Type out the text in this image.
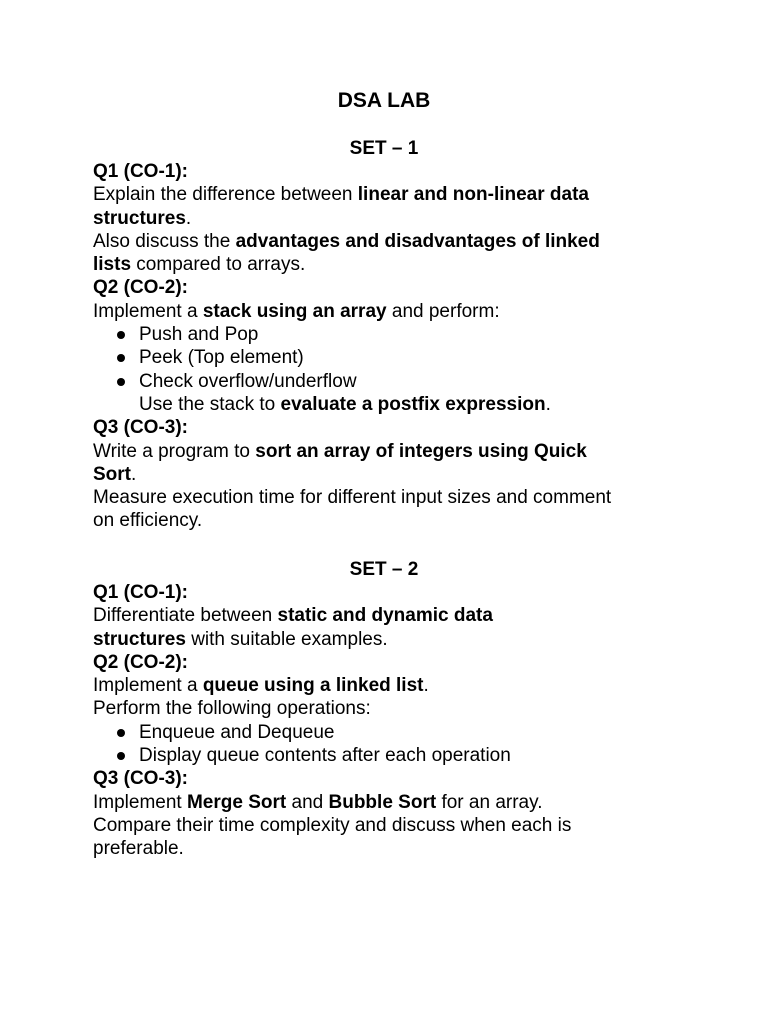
DSA LAB
SET – 1
Q1 (CO-1):
Explain the difference between linear and non-linear data
structures.
Also discuss the advantages and disadvantages of linked
lists compared to arrays.
Q2 (CO-2):
Implement a stack using an array and perform:
Push and Pop
Peek (Top element)
Check overflow/underflow
Use the stack to evaluate a postfix expression.
Q3 (CO-3):
Write a program to sort an array of integers using Quick
Sort.
Measure execution time for different input sizes and comment
on efficiency.
SET – 2
Q1 (CO-1):
Differentiate between static and dynamic data
structures with suitable examples.
Q2 (CO-2):
Implement a queue using a linked list.
Perform the following operations:
Enqueue and Dequeue
Display queue contents after each operation
Q3 (CO-3):
Implement Merge Sort and Bubble Sort for an array.
Compare their time complexity and discuss when each is
preferable.
